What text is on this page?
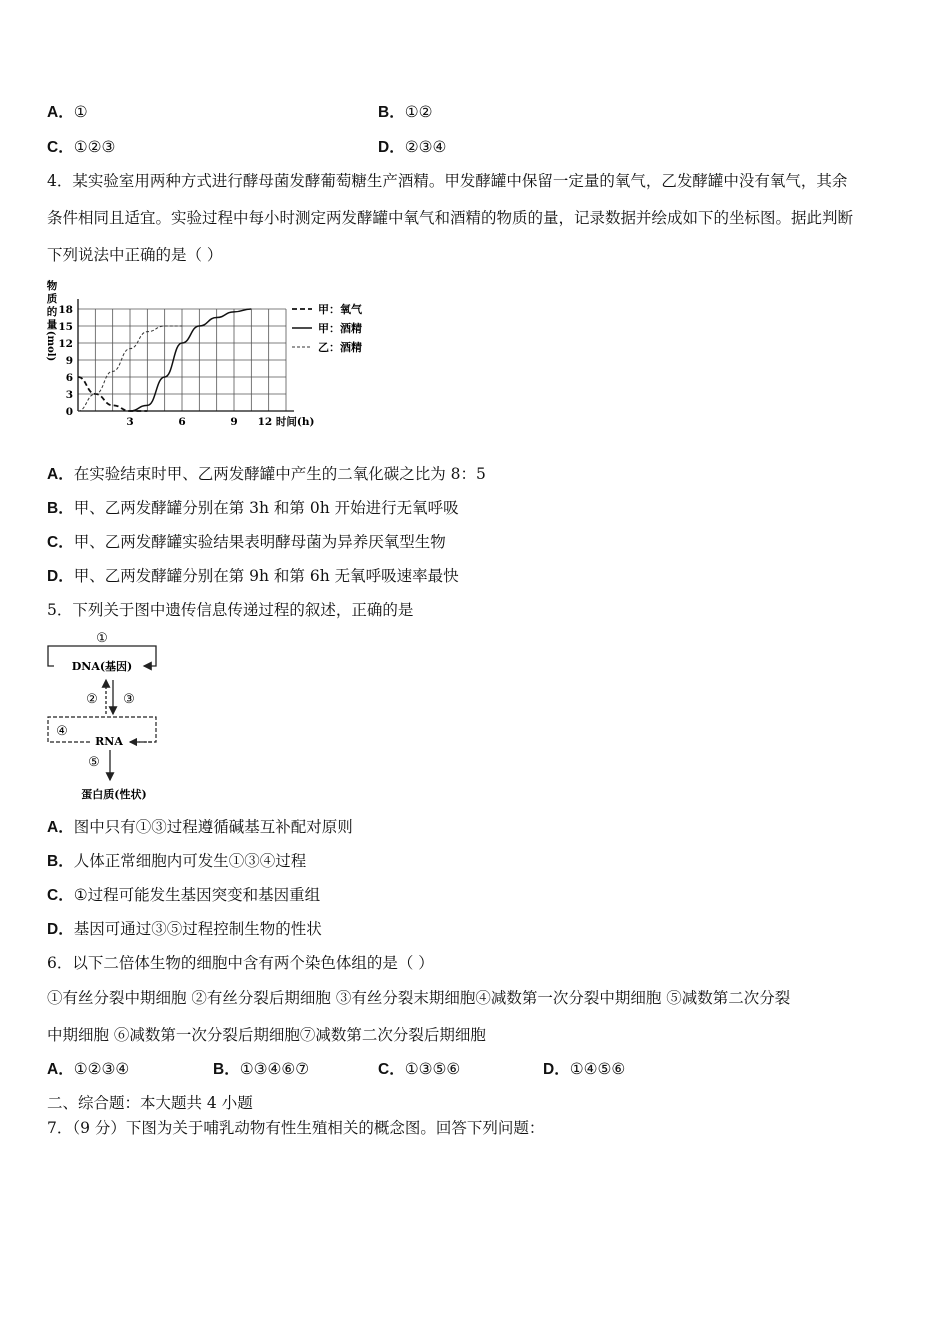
A．①	B．①②
C．①②③	D．②③④
4．某实验室用两种方式进行酵母菌发酵葡萄糖生产酒精。甲发酵罐中保留一定量的氧气，乙发酵罐中没有氧气，其余
条件相同且适宜。实验过程中每小时测定两发酵罐中氧气和酒精的物质的量，记录数据并绘成如下的坐标图。据此判断
下列说法中正确的是（ ）
物
质
的
量
(mol)
0
3
6
9
12
15
18
3	6	9 12 时间(h)
甲：氧气
甲：酒精
乙：酒精
A．在实验结束时甲、乙两发酵罐中产生的二氧化碳之比为 8：5
B．甲、乙两发酵罐分别在第 3h 和第 0h 开始进行无氧呼吸
C．甲、乙两发酵罐实验结果表明酵母菌为异养厌氧型生物
D．甲、乙两发酵罐分别在第 9h 和第 6h 无氧呼吸速率最快
5．下列关于图中遗传信息传递过程的叙述，正确的是
①
DNA(基因)
② ③
④
RNA
⑤
蛋白质(性状)
A．图中只有①③过程遵循碱基互补配对原则
B．人体正常细胞内可发生①③④过程
C．①过程可能发生基因突变和基因重组
D．基因可通过③⑤过程控制生物的性状
6．以下二倍体生物的细胞中含有两个染色体组的是（ ）
①有丝分裂中期细胞 ②有丝分裂后期细胞 ③有丝分裂末期细胞④减数第一次分裂中期细胞 ⑤减数第二次分裂
中期细胞 ⑥减数第一次分裂后期细胞⑦减数第二次分裂后期细胞
A．①②③④	B．①③④⑥⑦	C．①③⑤⑥	D．①④⑤⑥
二、综合题：本大题共 4 小题
7．（9 分）下图为关于哺乳动物有性生殖相关的概念图。回答下列问题：
